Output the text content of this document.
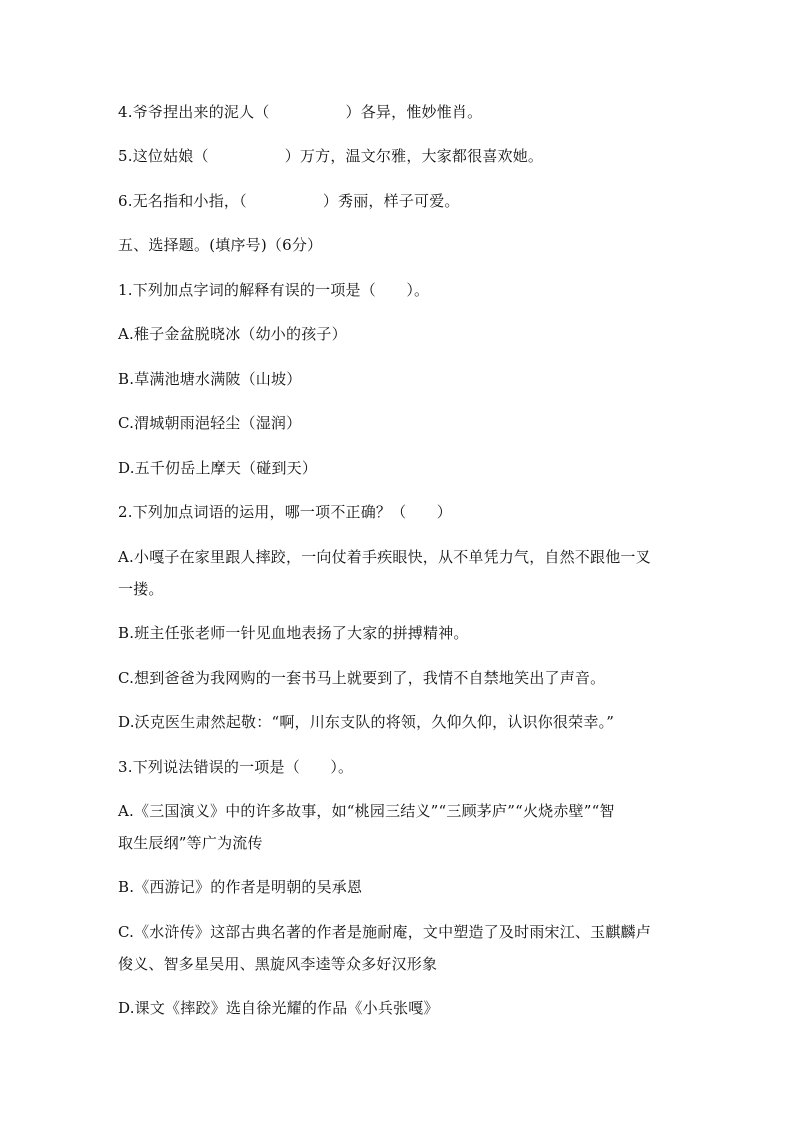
4.爷爷捏出来的泥人（　　　　　）各异，惟妙惟肖。
5.这位姑娘（　　　　　）万方，温文尔雅，大家都很喜欢她。
6.无名指和小指，（　　　　　）秀丽，样子可爱。
五、选择题。(填序号)（6分）
1.下列加点字词的解释有误的一项是（　　）。
A.稚子金盆脱晓冰（幼小的孩子）
B.草满池塘水满陂（山坡）
C.渭城朝雨浥轻尘（湿润）
D.五千仞岳上摩天（碰到天）
2.下列加点词语的运用，哪一项不正确？（　　）
A.小嘎子在家里跟人摔跤，一向仗着手疾眼快，从不单凭力气，自然不跟他一叉
一搂。
B.班主任张老师一针见血地表扬了大家的拼搏精神。
C.想到爸爸为我网购的一套书马上就要到了，我情不自禁地笑出了声音。
D.沃克医生肃然起敬：“啊，川东支队的将领，久仰久仰，认识你很荣幸。”
3.下列说法错误的一项是（　　）。
A.《三国演义》中的许多故事，如“桃园三结义”“三顾茅庐”“火烧赤壁”“智
取生辰纲”等广为流传
B.《西游记》的作者是明朝的吴承恩
C.《水浒传》这部古典名著的作者是施耐庵，文中塑造了及时雨宋江、玉麒麟卢
俊义、智多星吴用、黑旋风李逵等众多好汉形象
D.课文《摔跤》选自徐光耀的作品《小兵张嘎》
